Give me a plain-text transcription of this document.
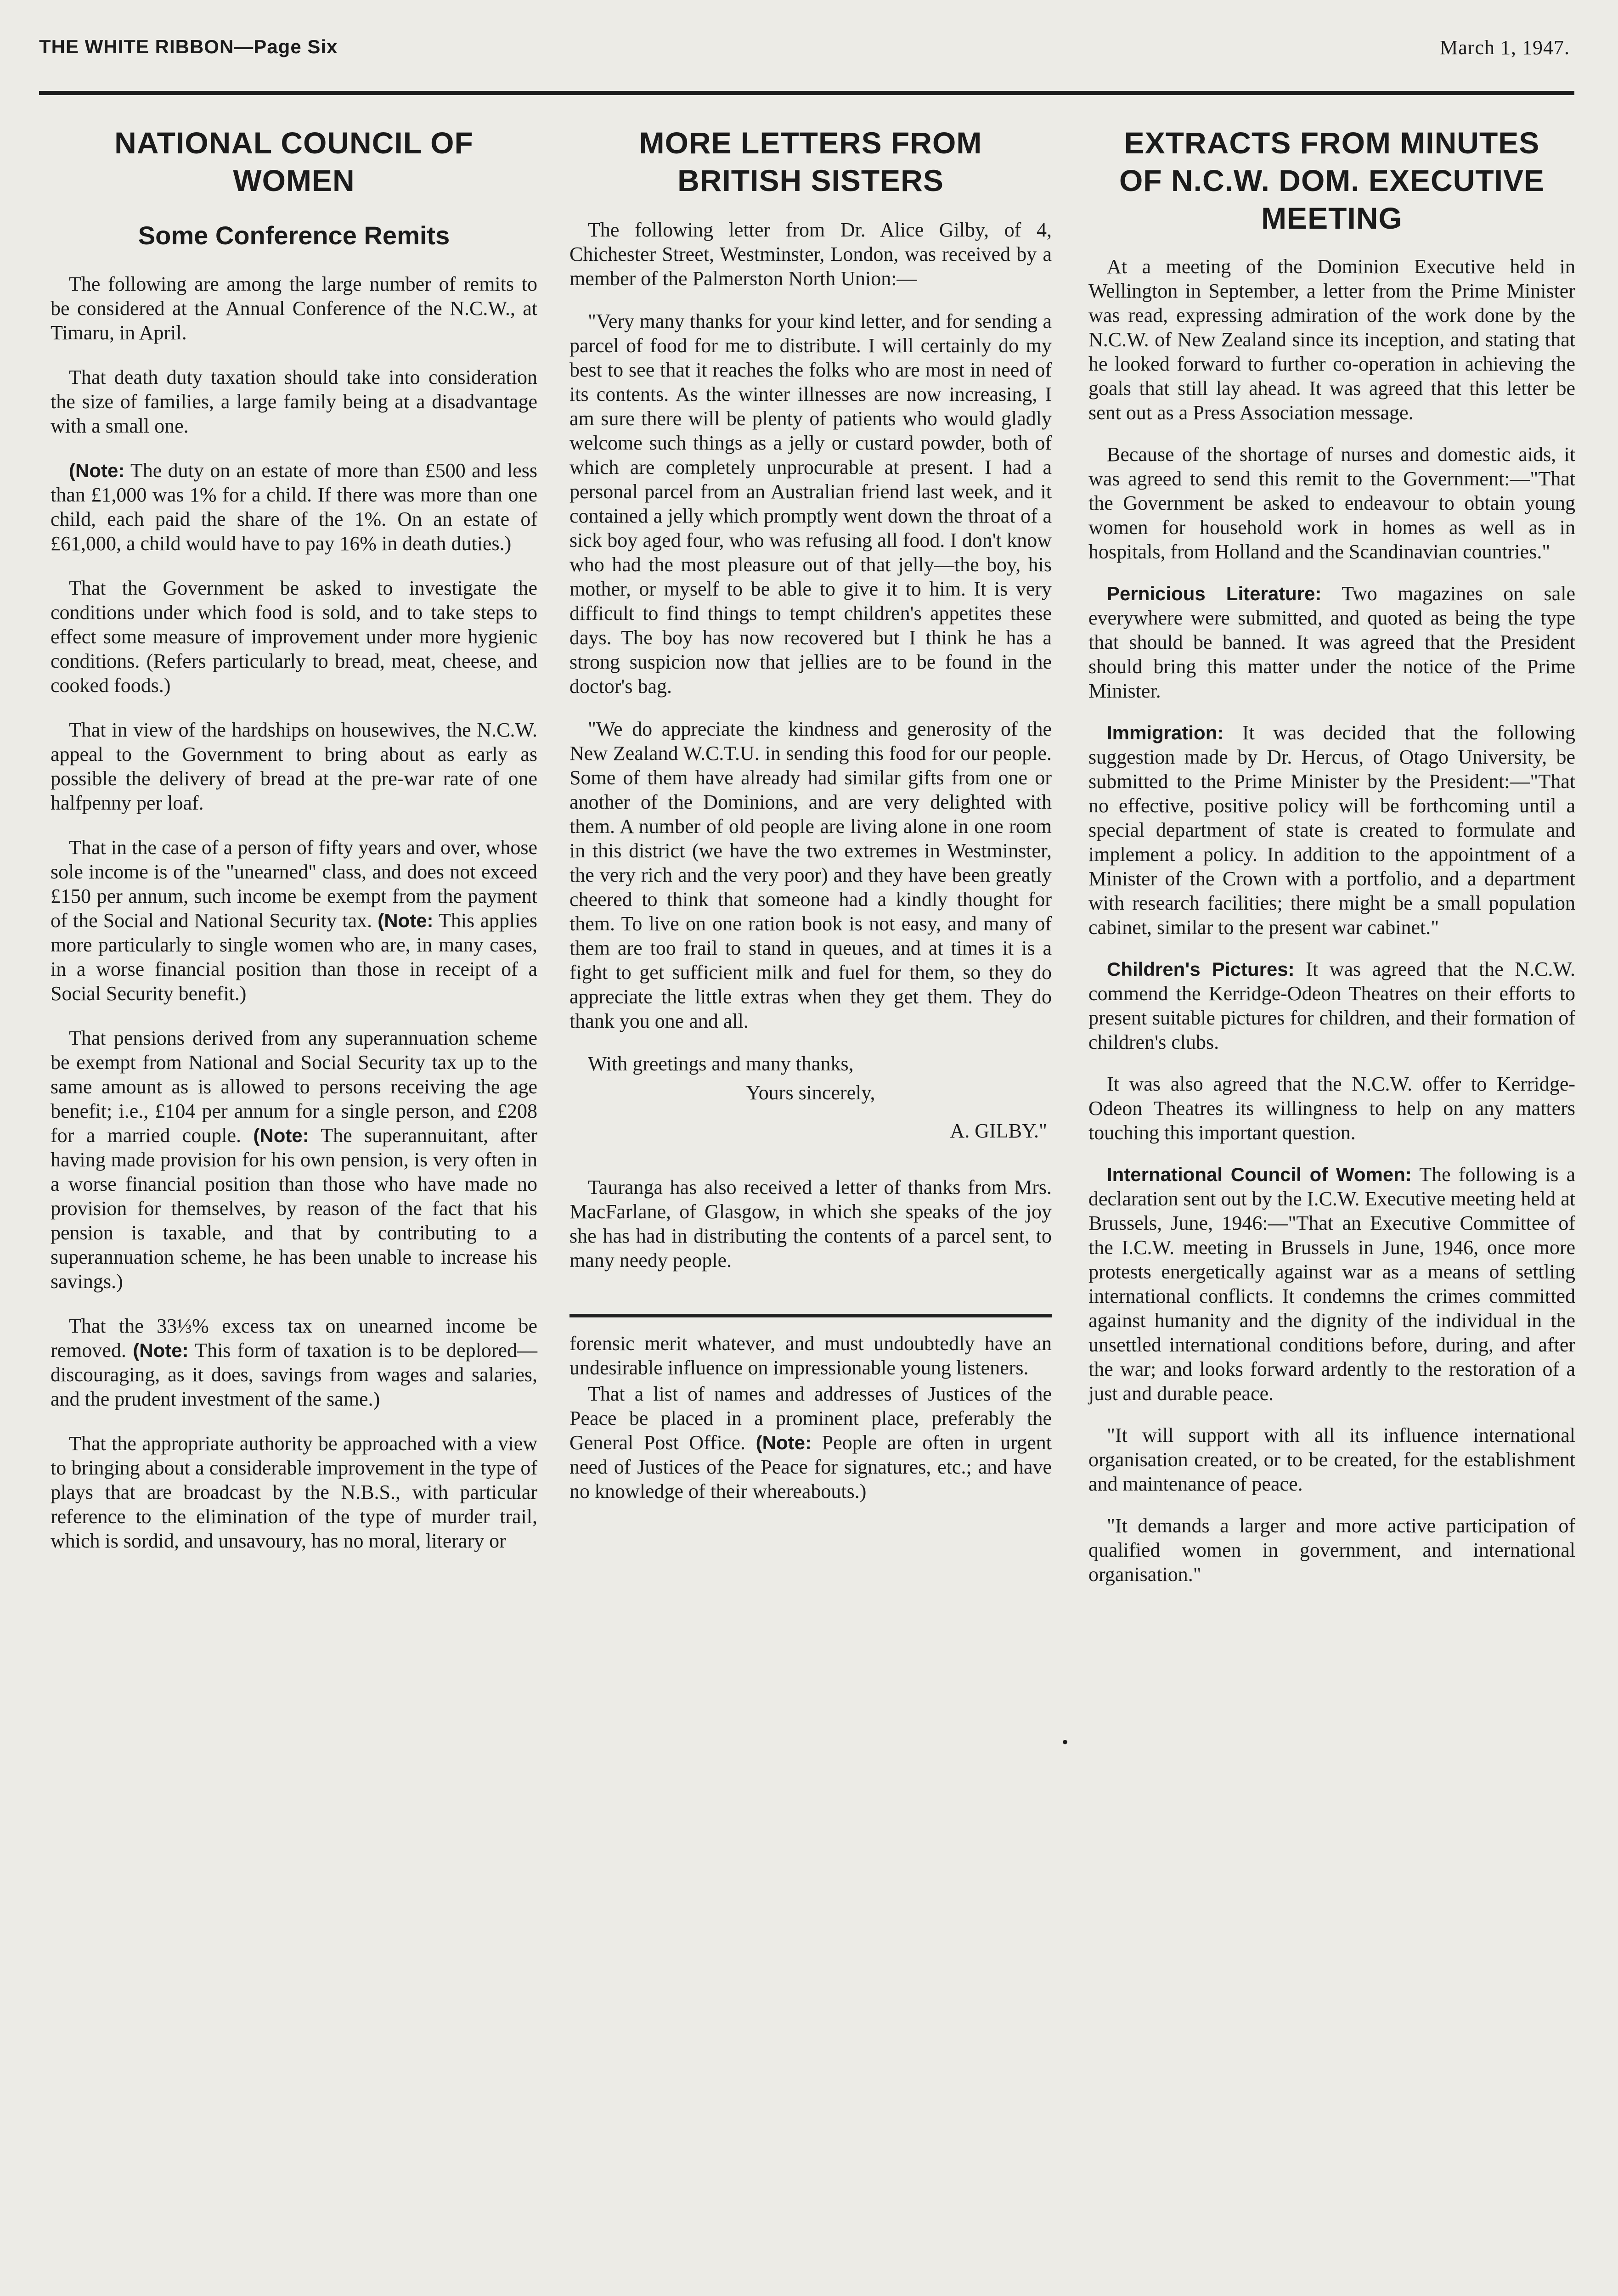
THE WHITE RIBBON—Page Six	March 1, 1947.
NATIONAL COUNCIL OF
WOMEN
Some Conference Remits

The following are among the large number of remits to be considered at the Annual Conference of the N.C.W., at Timaru, in April.

That death duty taxation should take into consideration the size of families, a large family being at a disadvantage with a small one.

(Note: The duty on an estate of more than £500 and less than £1,000 was 1% for a child. If there was more than one child, each paid the share of the 1%. On an estate of £61,000, a child would have to pay 16% in death duties.)

That the Government be asked to investigate the conditions under which food is sold, and to take steps to effect some measure of improvement under more hygienic conditions. (Refers particularly to bread, meat, cheese, and cooked foods.)

That in view of the hardships on housewives, the N.C.W. appeal to the Government to bring about as early as possible the delivery of bread at the pre-war rate of one halfpenny per loaf.

That in the case of a person of fifty years and over, whose sole income is of the "unearned" class, and does not exceed £150 per annum, such income be exempt from the payment of the Social and National Security tax. (Note: This applies more particularly to single women who are, in many cases, in a worse financial position than those in receipt of a Social Security benefit.)

That pensions derived from any superannuation scheme be exempt from National and Social Security tax up to the same amount as is allowed to persons receiving the age benefit; i.e., £104 per annum for a single person, and £208 for a married couple. (Note: The superannuitant, after having made provision for his own pension, is very often in a worse financial position than those who have made no provision for themselves, by reason of the fact that his pension is taxable, and that by contributing to a superannuation scheme, he has been unable to increase his savings.)

That the 33⅓% excess tax on unearned income be removed. (Note: This form of taxation is to be deplored—discouraging, as it does, savings from wages and salaries, and the prudent investment of the same.)

That the appropriate authority be approached with a view to bringing about a considerable improvement in the type of plays that are broadcast by the N.B.S., with particular reference to the elimination of the type of murder trail, which is sordid, and unsavoury, has no moral, literary or

MORE LETTERS FROM
BRITISH SISTERS

The following letter from Dr. Alice Gilby, of 4, Chichester Street, Westminster, London, was received by a member of the Palmerston North Union:—

"Very many thanks for your kind letter, and for sending a parcel of food for me to distribute. I will certainly do my best to see that it reaches the folks who are most in need of its contents. As the winter illnesses are now increasing, I am sure there will be plenty of patients who would gladly welcome such things as a jelly or custard powder, both of which are completely unprocurable at present. I had a personal parcel from an Australian friend last week, and it contained a jelly which promptly went down the throat of a sick boy aged four, who was refusing all food. I don't know who had the most pleasure out of that jelly—the boy, his mother, or myself to be able to give it to him. It is very difficult to find things to tempt children's appetites these days. The boy has now recovered but I think he has a strong suspicion now that jellies are to be found in the doctor's bag.

"We do appreciate the kindness and generosity of the New Zealand W.C.T.U. in sending this food for our people. Some of them have already had similar gifts from one or another of the Dominions, and are very delighted with them. A number of old people are living alone in one room in this district (we have the two extremes in Westminster, the very rich and the very poor) and they have been greatly cheered to think that someone had a kindly thought for them. To live on one ration book is not easy, and many of them are too frail to stand in queues, and at times it is a fight to get sufficient milk and fuel for them, so they do appreciate the little extras when they get them. They do thank you one and all.

With greetings and many thanks,

Yours sincerely,

A. GILBY."

Tauranga has also received a letter of thanks from Mrs. MacFarlane, of Glasgow, in which she speaks of the joy she has had in distributing the contents of a parcel sent, to many needy people.

forensic merit whatever, and must undoubtedly have an undesirable influence on impressionable young listeners.

That a list of names and addresses of Justices of the Peace be placed in a prominent place, preferably the General Post Office. (Note: People are often in urgent need of Justices of the Peace for signatures, etc.; and have no knowledge of their whereabouts.)

EXTRACTS FROM MINUTES
OF N.C.W. DOM. EXECUTIVE
MEETING

At a meeting of the Dominion Executive held in Wellington in September, a letter from the Prime Minister was read, expressing admiration of the work done by the N.C.W. of New Zealand since its inception, and stating that he looked forward to further co-operation in achieving the goals that still lay ahead. It was agreed that this letter be sent out as a Press Association message.

Because of the shortage of nurses and domestic aids, it was agreed to send this remit to the Government:—"That the Government be asked to endeavour to obtain young women for household work in homes as well as in hospitals, from Holland and the Scandinavian countries."

Pernicious Literature: Two magazines on sale everywhere were submitted, and quoted as being the type that should be banned. It was agreed that the President should bring this matter under the notice of the Prime Minister.

Immigration: It was decided that the following suggestion made by Dr. Hercus, of Otago University, be submitted to the Prime Minister by the President:—"That no effective, positive policy will be forthcoming until a special department of state is created to formulate and implement a policy. In addition to the appointment of a Minister of the Crown with a portfolio, and a department with research facilities; there might be a small population cabinet, similar to the present war cabinet."

Children's Pictures: It was agreed that the N.C.W. commend the Kerridge-Odeon Theatres on their efforts to present suitable pictures for children, and their formation of children's clubs.

It was also agreed that the N.C.W. offer to Kerridge-Odeon Theatres its willingness to help on any matters touching this important question.

International Council of Women: The following is a declaration sent out by the I.C.W. Executive meeting held at Brussels, June, 1946:—"That an Executive Committee of the I.C.W. meeting in Brussels in June, 1946, once more protests energetically against war as a means of settling international conflicts. It condemns the crimes committed against humanity and the dignity of the individual in the unsettled international conditions before, during, and after the war; and looks forward ardently to the restoration of a just and durable peace.

"It will support with all its influence international organisation created, or to be created, for the establishment and maintenance of peace.

"It demands a larger and more active participation of qualified women in government, and international organisation."

•
